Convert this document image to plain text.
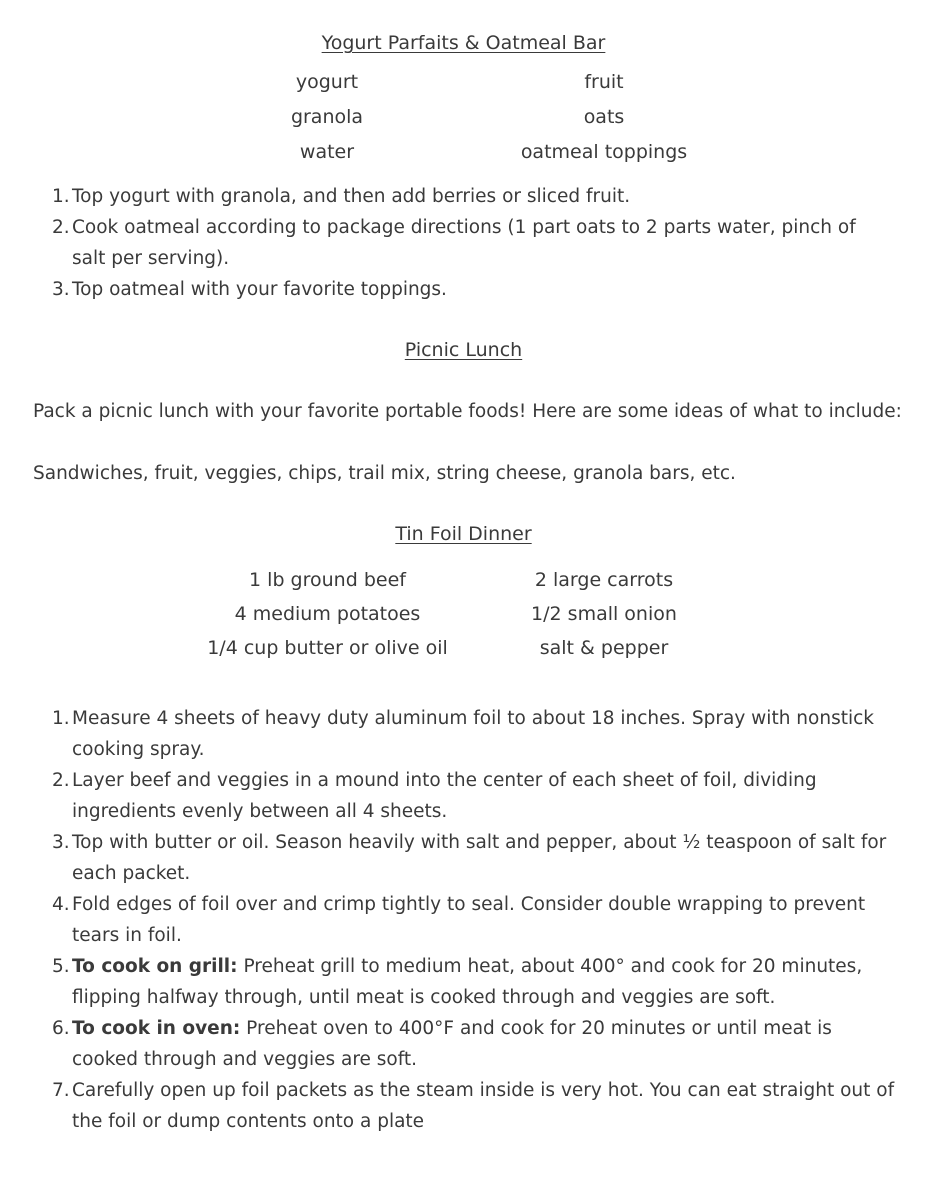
Yogurt Parfaits & Oatmeal Bar
yogurt
granola
water
fruit
oats
oatmeal toppings
1. Top yogurt with granola, and then add berries or sliced fruit.
2. Cook oatmeal according to package directions (1 part oats to 2 parts water, pinch of salt per serving).
3. Top oatmeal with your favorite toppings.
Picnic Lunch

Pack a picnic lunch with your favorite portable foods! Here are some ideas of what to include:

Sandwiches, fruit, veggies, chips, trail mix, string cheese, granola bars, etc.

Tin Foil Dinner
1 lb ground beef
4 medium potatoes
1/4 cup butter or olive oil
2 large carrots
1/2 small onion
salt & pepper
1. Measure 4 sheets of heavy duty aluminum foil to about 18 inches. Spray with nonstick cooking spray.
2. Layer beef and veggies in a mound into the center of each sheet of foil, dividing ingredients evenly between all 4 sheets.
3. Top with butter or oil. Season heavily with salt and pepper, about ½ teaspoon of salt for each packet.
4. Fold edges of foil over and crimp tightly to seal. Consider double wrapping to prevent tears in foil.
5. To cook on grill: Preheat grill to medium heat, about 400° and cook for 20 minutes, flipping halfway through, until meat is cooked through and veggies are soft.
6. To cook in oven: Preheat oven to 400°F and cook for 20 minutes or until meat is cooked through and veggies are soft.
7. Carefully open up foil packets as the steam inside is very hot. You can eat straight out of the foil or dump contents onto a plate
